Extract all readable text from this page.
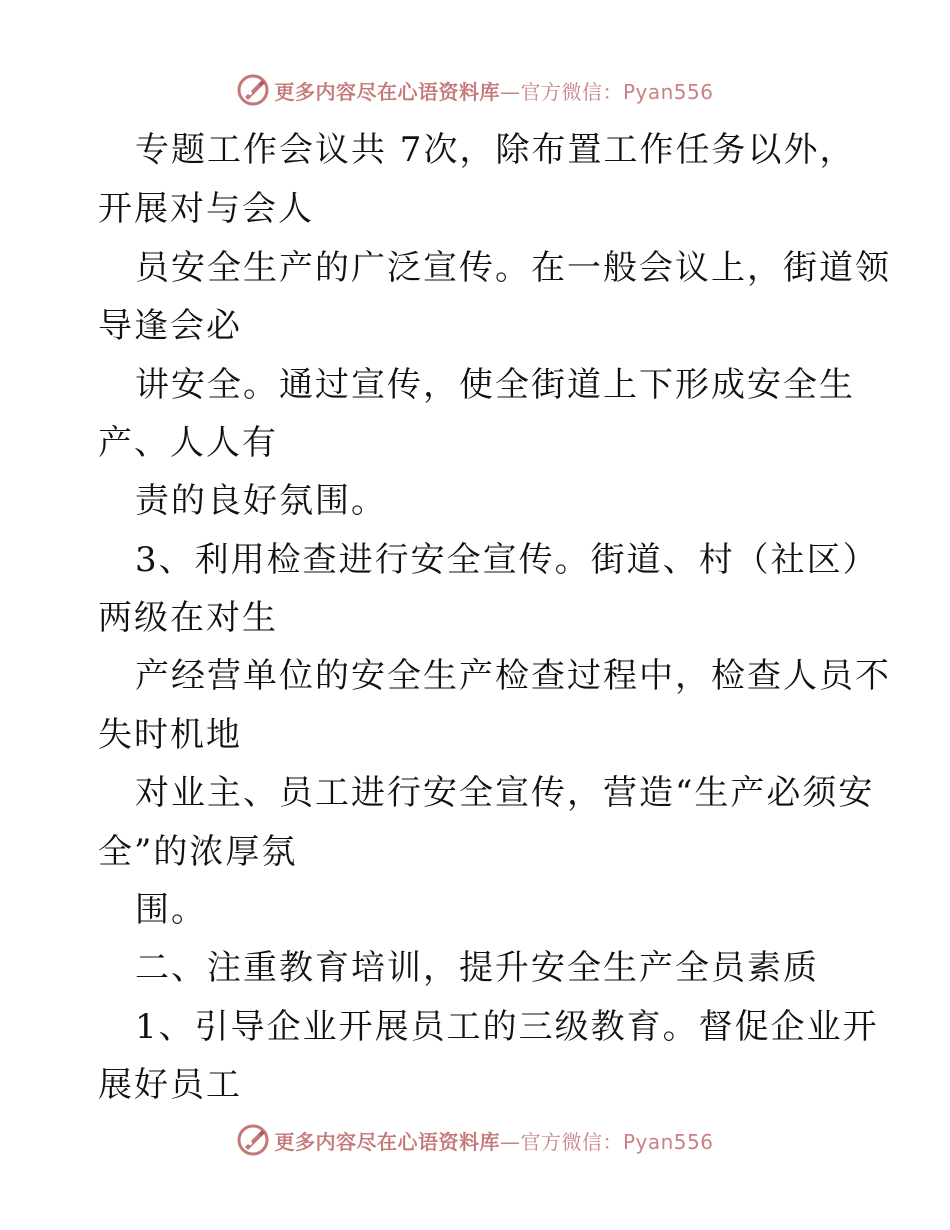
更多内容尽在心语资料库—官方微信：Pyan556
专题工作会议共 7次，除布置工作任务以外，
开展对与会人
员安全生产的广泛宣传。在一般会议上，街道领
导逢会必
讲安全。通过宣传，使全街道上下形成安全生
产、人人有
责的良好氛围。
3、利用检查进行安全宣传。街道、村（社区）
两级在对生
产经营单位的安全生产检查过程中，检查人员不
失时机地
对业主、员工进行安全宣传，营造“生产必须安
全”的浓厚氛
围。
二、注重教育培训，提升安全生产全员素质
1、引导企业开展员工的三级教育。督促企业开
展好员工
更多内容尽在心语资料库—官方微信：Pyan556
